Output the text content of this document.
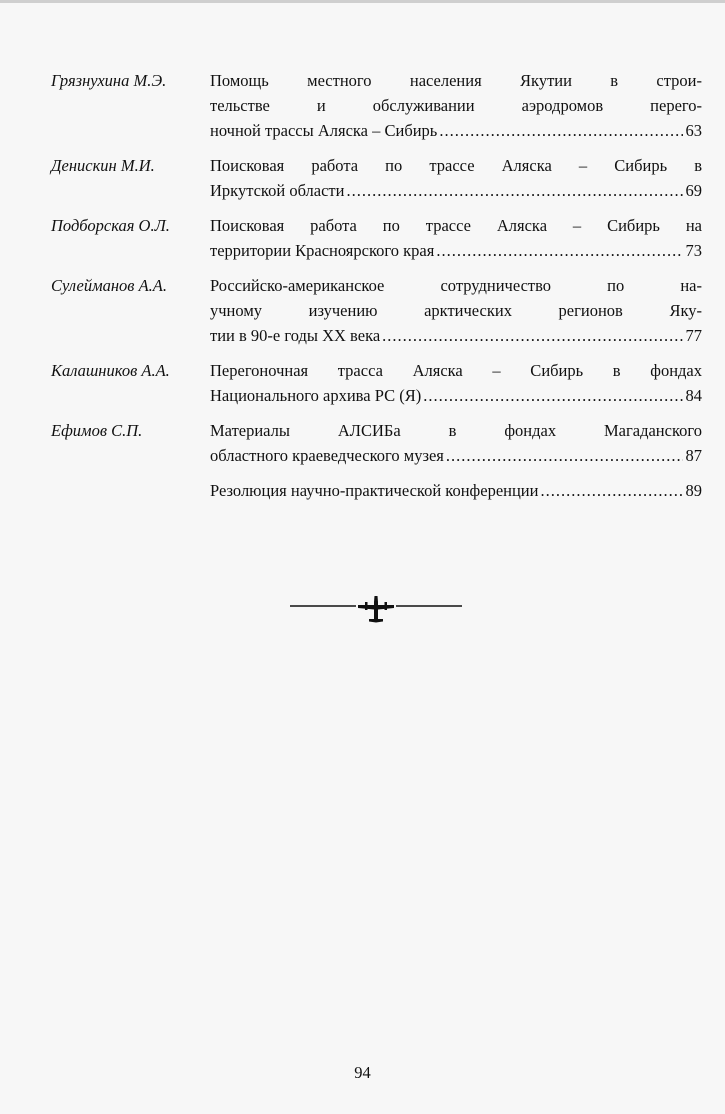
Грязнухина М.Э.	Помощь местного населения Якутии в строи-
тельстве и обслуживании аэродромов перего-
ночной трассы Аляска – Сибирь .....	63
Денискин М.И.	Поисковая работа по трассе Аляска – Сибирь в
Иркутской области .....	69
Подборская О.Л. Поисковая работа по трассе Аляска – Сибирь на
территории Красноярского края .....	73
Сулейманов А.А.	Российско-американское сотрудничество по на-
учному изучению арктических регионов Яку-
тии в 90-е годы XX века .....	77
Калашников А.А. Перегоночная трасса Аляска – Сибирь в фондах
Национального архива РС (Я) .....	84
Ефимов С.П.	Материалы АЛСИБа в фондах Магаданского
областного краеведческого музея .....	87
Резолюция научно-практической конференции .....	89
94
